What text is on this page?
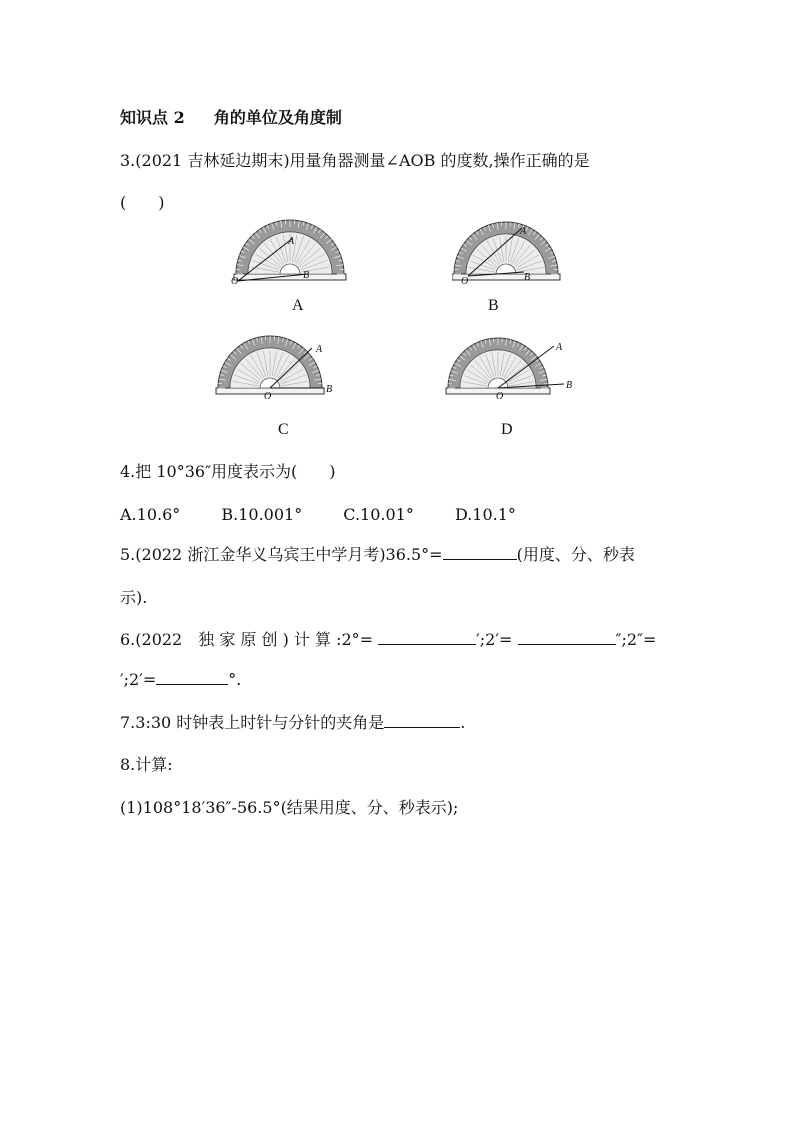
知识点 2 角的单位及角度制
3.(2021 吉林延边期末)用量角器测量∠AOB 的度数,操作正确的是
(　　)
O
A
B
A
O
A
B
B
O
A
B
C
O
A
B
D
4.把 10°36″用度表示为(　　)
A.10.6°	B.10.001°	C.10.01°	D.10.1°
5.(2022 浙江金华义乌宾王中学月考)36.5°=	(用度、分、秒表
示).
6.(2022　独 家 原 创 ) 计 算 :2°=	′;2′=	″;2″=
′;2′=	°.
7.3:30 时钟表上时针与分针的夹角是	.
8.计算:
(1)108°18′36″-56.5°(结果用度、分、秒表示);
